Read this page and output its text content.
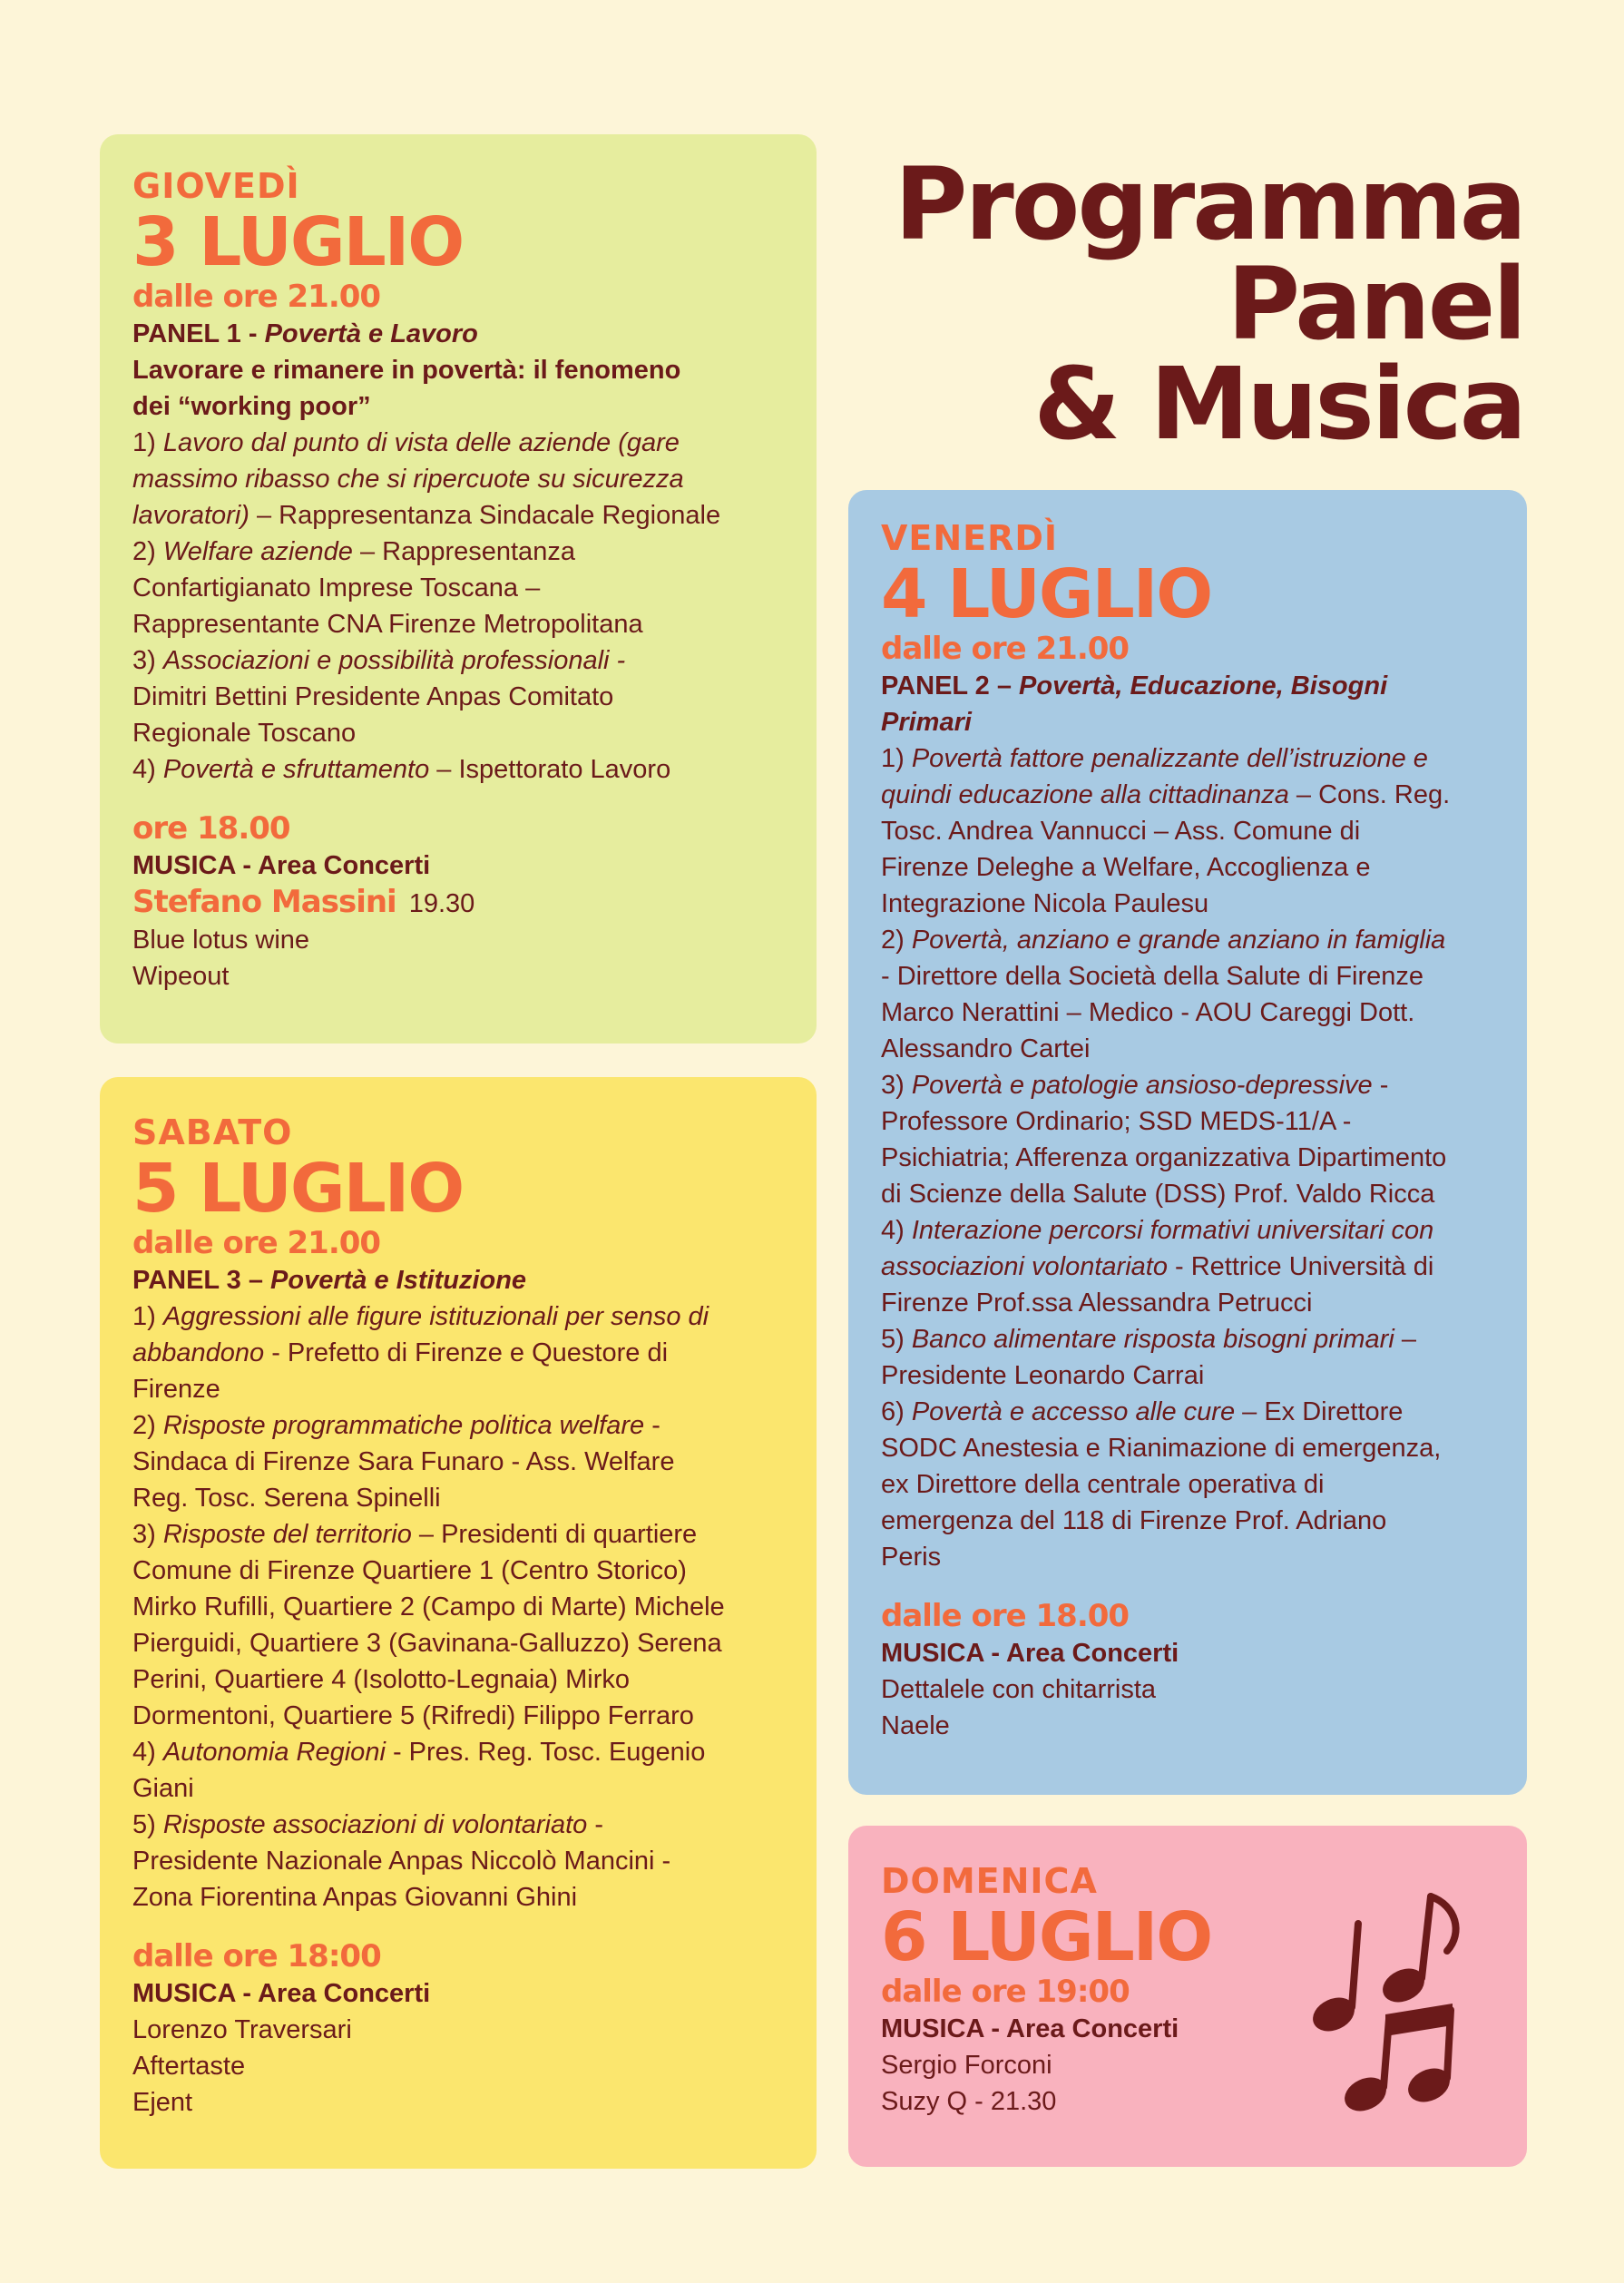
Programma
Panel
& Musica
GIOVEDÌ
3 LUGLIO
dalle ore 21.00
PANEL 1 - Povertà e Lavoro
Lavorare e rimanere in povertà: il fenomeno
dei “working poor”
1) Lavoro dal punto di vista delle aziende (gare
massimo ribasso che si ripercuote su sicurezza
lavoratori) – Rappresentanza Sindacale Regionale
2) Welfare aziende – Rappresentanza
Confartigianato Imprese Toscana –
Rappresentante CNA Firenze Metropolitana
3) Associazioni e possibilità professionali -
Dimitri Bettini Presidente Anpas Comitato
Regionale Toscano
4) Povertà e sfruttamento – Ispettorato Lavoro
ore 18.00
MUSICA - Area Concerti
Stefano Massini 19.30
Blue lotus wine
Wipeout
SABATO
5 LUGLIO
dalle ore 21.00
PANEL 3 – Povertà e Istituzione
1) Aggressioni alle figure istituzionali per senso di
abbandono - Prefetto di Firenze e Questore di
Firenze
2) Risposte programmatiche politica welfare -
Sindaca di Firenze Sara Funaro - Ass. Welfare
Reg. Tosc. Serena Spinelli
3) Risposte del territorio – Presidenti di quartiere
Comune di Firenze Quartiere 1 (Centro Storico)
Mirko Rufilli, Quartiere 2 (Campo di Marte) Michele
Pierguidi, Quartiere 3 (Gavinana-Galluzzo) Serena
Perini, Quartiere 4 (Isolotto-Legnaia) Mirko
Dormentoni, Quartiere 5 (Rifredi) Filippo Ferraro
4) Autonomia Regioni - Pres. Reg. Tosc. Eugenio
Giani
5) Risposte associazioni di volontariato -
Presidente Nazionale Anpas Niccolò Mancini -
Zona Fiorentina Anpas Giovanni Ghini
dalle ore 18:00
MUSICA - Area Concerti
Lorenzo Traversari
Aftertaste
Ejent
VENERDÌ
4 LUGLIO
dalle ore 21.00
PANEL 2 – Povertà, Educazione, Bisogni
Primari
1) Povertà fattore penalizzante dell’istruzione e
quindi educazione alla cittadinanza – Cons. Reg.
Tosc. Andrea Vannucci – Ass. Comune di
Firenze Deleghe a Welfare, Accoglienza e
Integrazione Nicola Paulesu
2) Povertà, anziano e grande anziano in famiglia
- Direttore della Società della Salute di Firenze
Marco Nerattini – Medico - AOU Careggi Dott.
Alessandro Cartei
3) Povertà e patologie ansioso-depressive -
Professore Ordinario; SSD MEDS-11/A -
Psichiatria; Afferenza organizzativa Dipartimento
di Scienze della Salute (DSS) Prof. Valdo Ricca
4) Interazione percorsi formativi universitari con
associazioni volontariato - Rettrice Università di
Firenze Prof.ssa Alessandra Petrucci
5) Banco alimentare risposta bisogni primari –
Presidente Leonardo Carrai
6) Povertà e accesso alle cure – Ex Direttore
SODC Anestesia e Rianimazione di emergenza,
ex Direttore della centrale operativa di
emergenza del 118 di Firenze Prof. Adriano
Peris
dalle ore 18.00
MUSICA - Area Concerti
Dettalele con chitarrista
Naele
DOMENICA
6 LUGLIO
dalle ore 19:00
MUSICA - Area Concerti
Sergio Forconi
Suzy Q - 21.30
